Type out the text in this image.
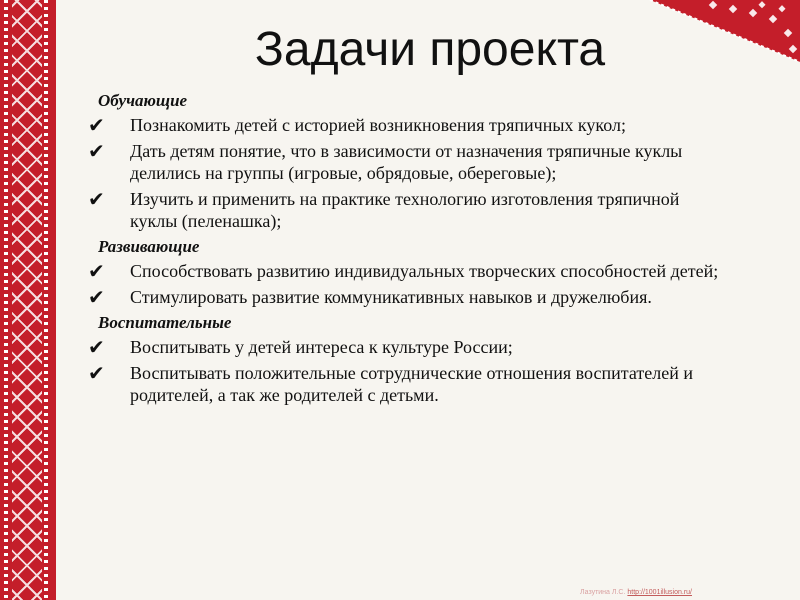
Задачи проекта
Обучающие
✔ Познакомить детей с историей возникновения тряпичных кукол;
✔ Дать детям понятие, что в зависимости от назначения тряпичные куклы делились на группы (игровые, обрядовые, обереговые);
✔ Изучить и применить на практике технологию изготовления тряпичной куклы (пеленашка);
Развивающие
✔ Способствовать развитию индивидуальных творческих способностей детей;
✔ Стимулировать развитие коммуникативных навыков и дружелюбия.
Воспитательные
✔ Воспитывать у детей интереса к культуре России;
✔ Воспитывать положительные сотруднические отношения воспитателей и родителей, а так же родителей с детьми.
Лазутина Л.С. http://1001illusion.ru/
